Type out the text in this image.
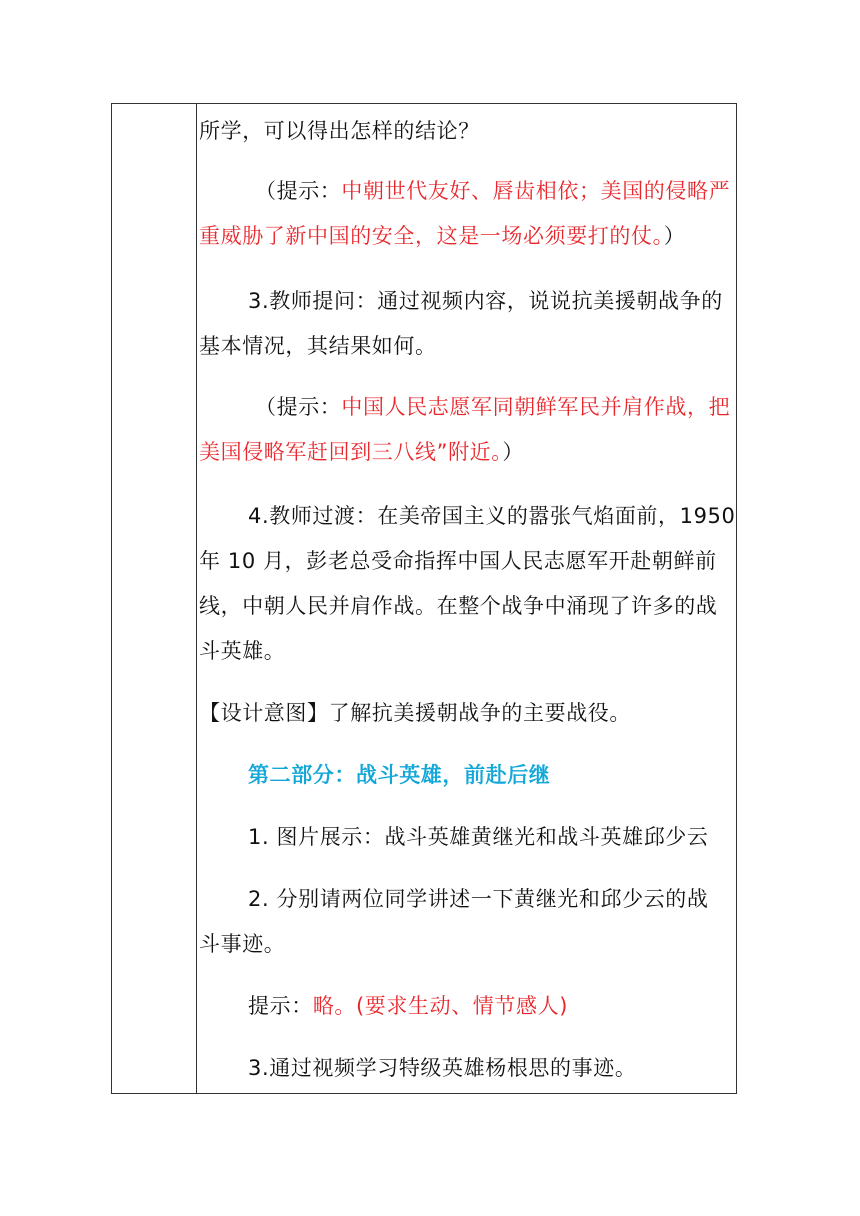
所学，可以得出怎样的结论？
（提示：中朝世代友好、唇齿相依；美国的侵略严
重威胁了新中国的安全，这是一场必须要打的仗。）
3.教师提问：通过视频内容，说说抗美援朝战争的
基本情况，其结果如何。
（提示：中国人民志愿军同朝鲜军民并肩作战，把
美国侵略军赶回到三八线”附近。）
4.教师过渡：在美帝国主义的嚣张气焰面前，1950
年 10 月，彭老总受命指挥中国人民志愿军开赴朝鲜前
线，中朝人民并肩作战。在整个战争中涌现了许多的战
斗英雄。
【设计意图】了解抗美援朝战争的主要战役。
第二部分：战斗英雄，前赴后继
1. 图片展示：战斗英雄黄继光和战斗英雄邱少云
2. 分别请两位同学讲述一下黄继光和邱少云的战
斗事迹。
提示：略。(要求生动、情节感人)
3.通过视频学习特级英雄杨根思的事迹。
